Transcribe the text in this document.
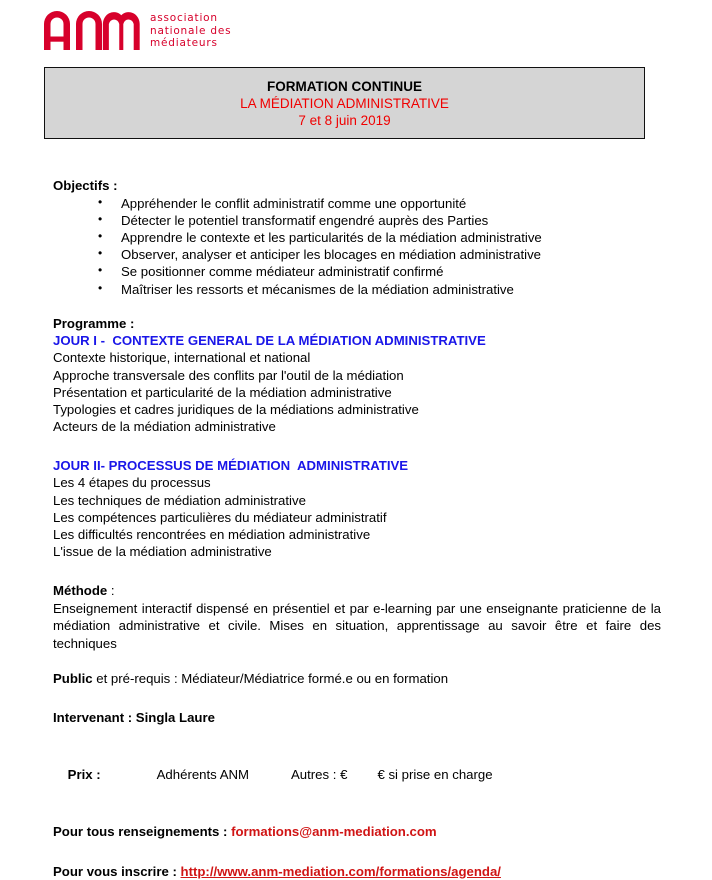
association
nationale des
médiateurs
FORMATION CONTINUE
LA MÉDIATION ADMINISTRATIVE
7 et 8 juin 2019
Objectifs :
• Appréhender le conflit administratif comme une opportunité
• Détecter le potentiel transformatif engendré auprès des Parties
• Apprendre le contexte et les particularités de la médiation administrative
• Observer, analyser et anticiper les blocages en médiation administrative
• Se positionner comme médiateur administratif confirmé
• Maîtriser les ressorts et mécanismes de la médiation administrative
Programme :
JOUR I -  CONTEXTE GENERAL DE LA MÉDIATION ADMINISTRATIVE
Contexte historique, international et national
Approche transversale des conflits par l'outil de la médiation
Présentation et particularité de la médiation administrative
Typologies et cadres juridiques de la médiations administrative
Acteurs de la médiation administrative
JOUR II- PROCESSUS DE MÉDIATION  ADMINISTRATIVE
Les 4 étapes du processus
Les techniques de médiation administrative
Les compétences particulières du médiateur administratif
Les difficultés rencontrées en médiation administrative
L'issue de la médiation administrative
Méthode :
Enseignement interactif dispensé en présentiel et par e-learning par une enseignante praticienne de la médiation administrative et civile. Mises en situation, apprentissage au savoir être et faire des techniques
Public et pré-requis : Médiateur/Médiatrice formé.e ou en formation
Intervenant : Singla Laure

Prix :	Adhérents ANM	Autres : € € si prise en charge

Pour tous renseignements : formations@anm-mediation.com
Pour vous inscrire : http://www.anm-mediation.com/formations/agenda/
